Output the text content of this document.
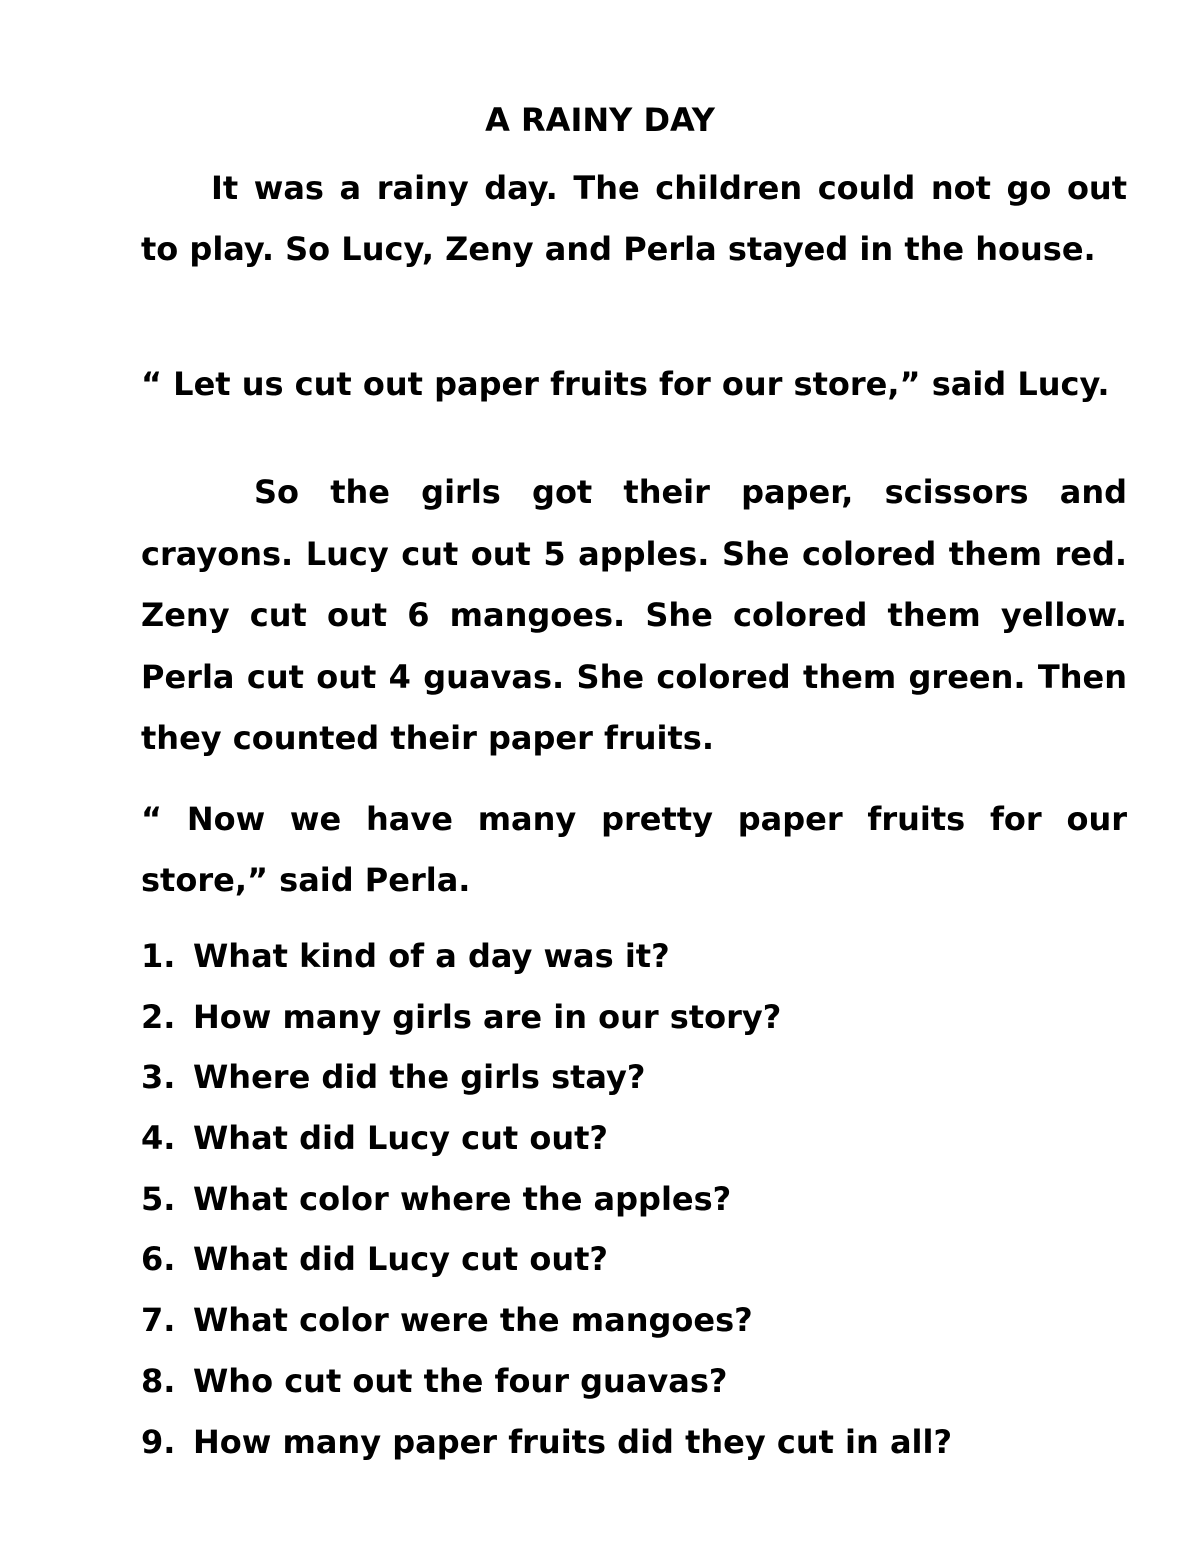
A RAINY DAY
It was a rainy day. The children could not go out to play. So Lucy, Zeny and Perla stayed in the house.
“ Let us cut out paper fruits for our store,” said Lucy.
So the girls got their paper, scissors and crayons. Lucy cut out 5 apples. She colored them red. Zeny cut out 6 mangoes. She colored them yellow. Perla cut out 4 guavas. She colored them green. Then they counted their paper fruits.
“ Now we have many pretty paper fruits for our store,” said Perla.
1. What kind of a day was it?
2. How many girls are in our story?
3. Where did the girls stay?
4. What did Lucy cut out?
5. What color where the apples?
6. What did Lucy cut out?
7. What color were the mangoes?
8. Who cut out the four guavas?
9. How many paper fruits did they cut in all?
